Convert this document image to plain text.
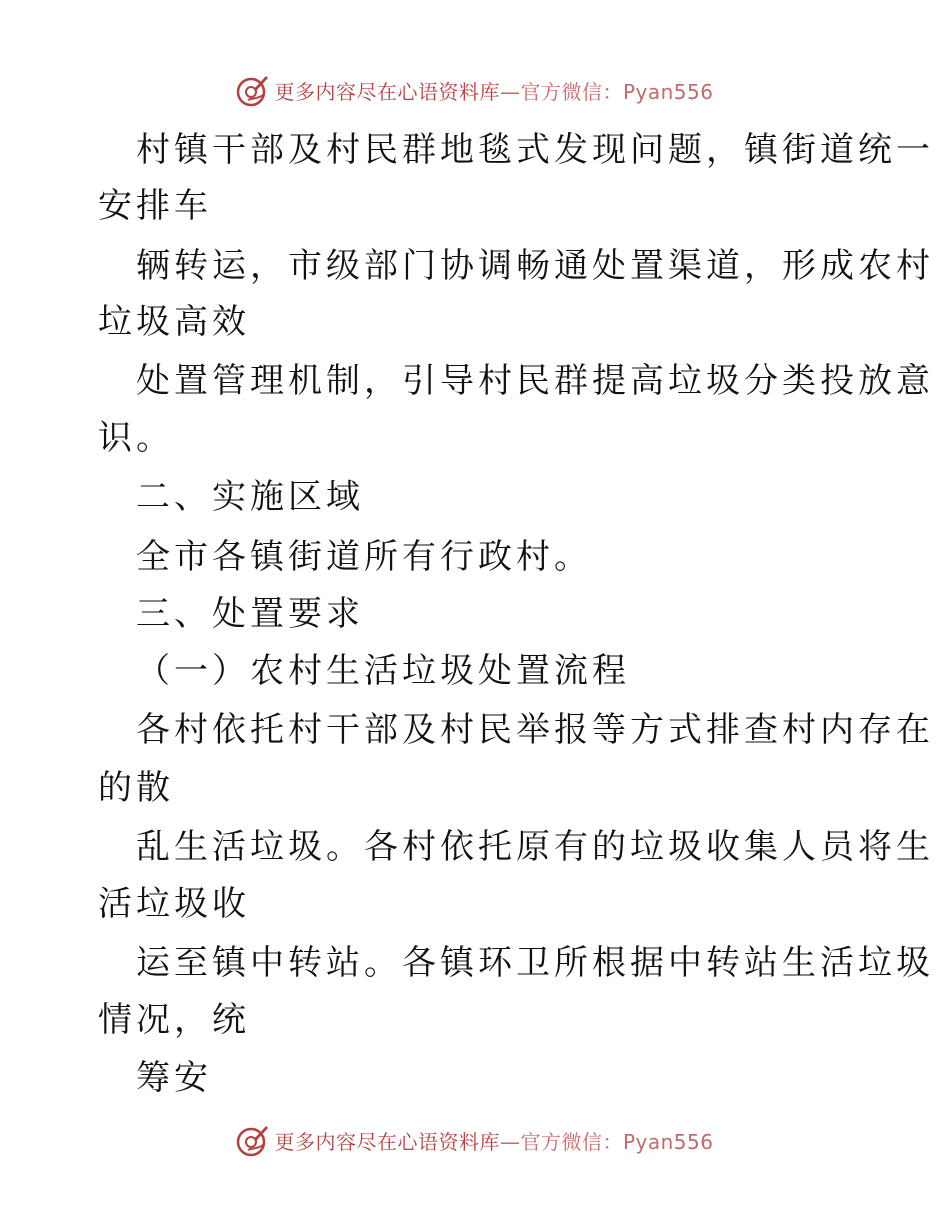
更多内容尽在心语资料库—官方微信：Pyan556
村镇干部及村民群地毯式发现问题，镇街道统一
安排车
辆转运，市级部门协调畅通处置渠道，形成农村
垃圾高效
处置管理机制，引导村民群提高垃圾分类投放意
识。
二、实施区域
全市各镇街道所有行政村。
三、处置要求
（一）农村生活垃圾处置流程
各村依托村干部及村民举报等方式排查村内存在
的散
乱生活垃圾。各村依托原有的垃圾收集人员将生
活垃圾收
运至镇中转站。各镇环卫所根据中转站生活垃圾
情况，统
筹安
更多内容尽在心语资料库—官方微信：Pyan556
